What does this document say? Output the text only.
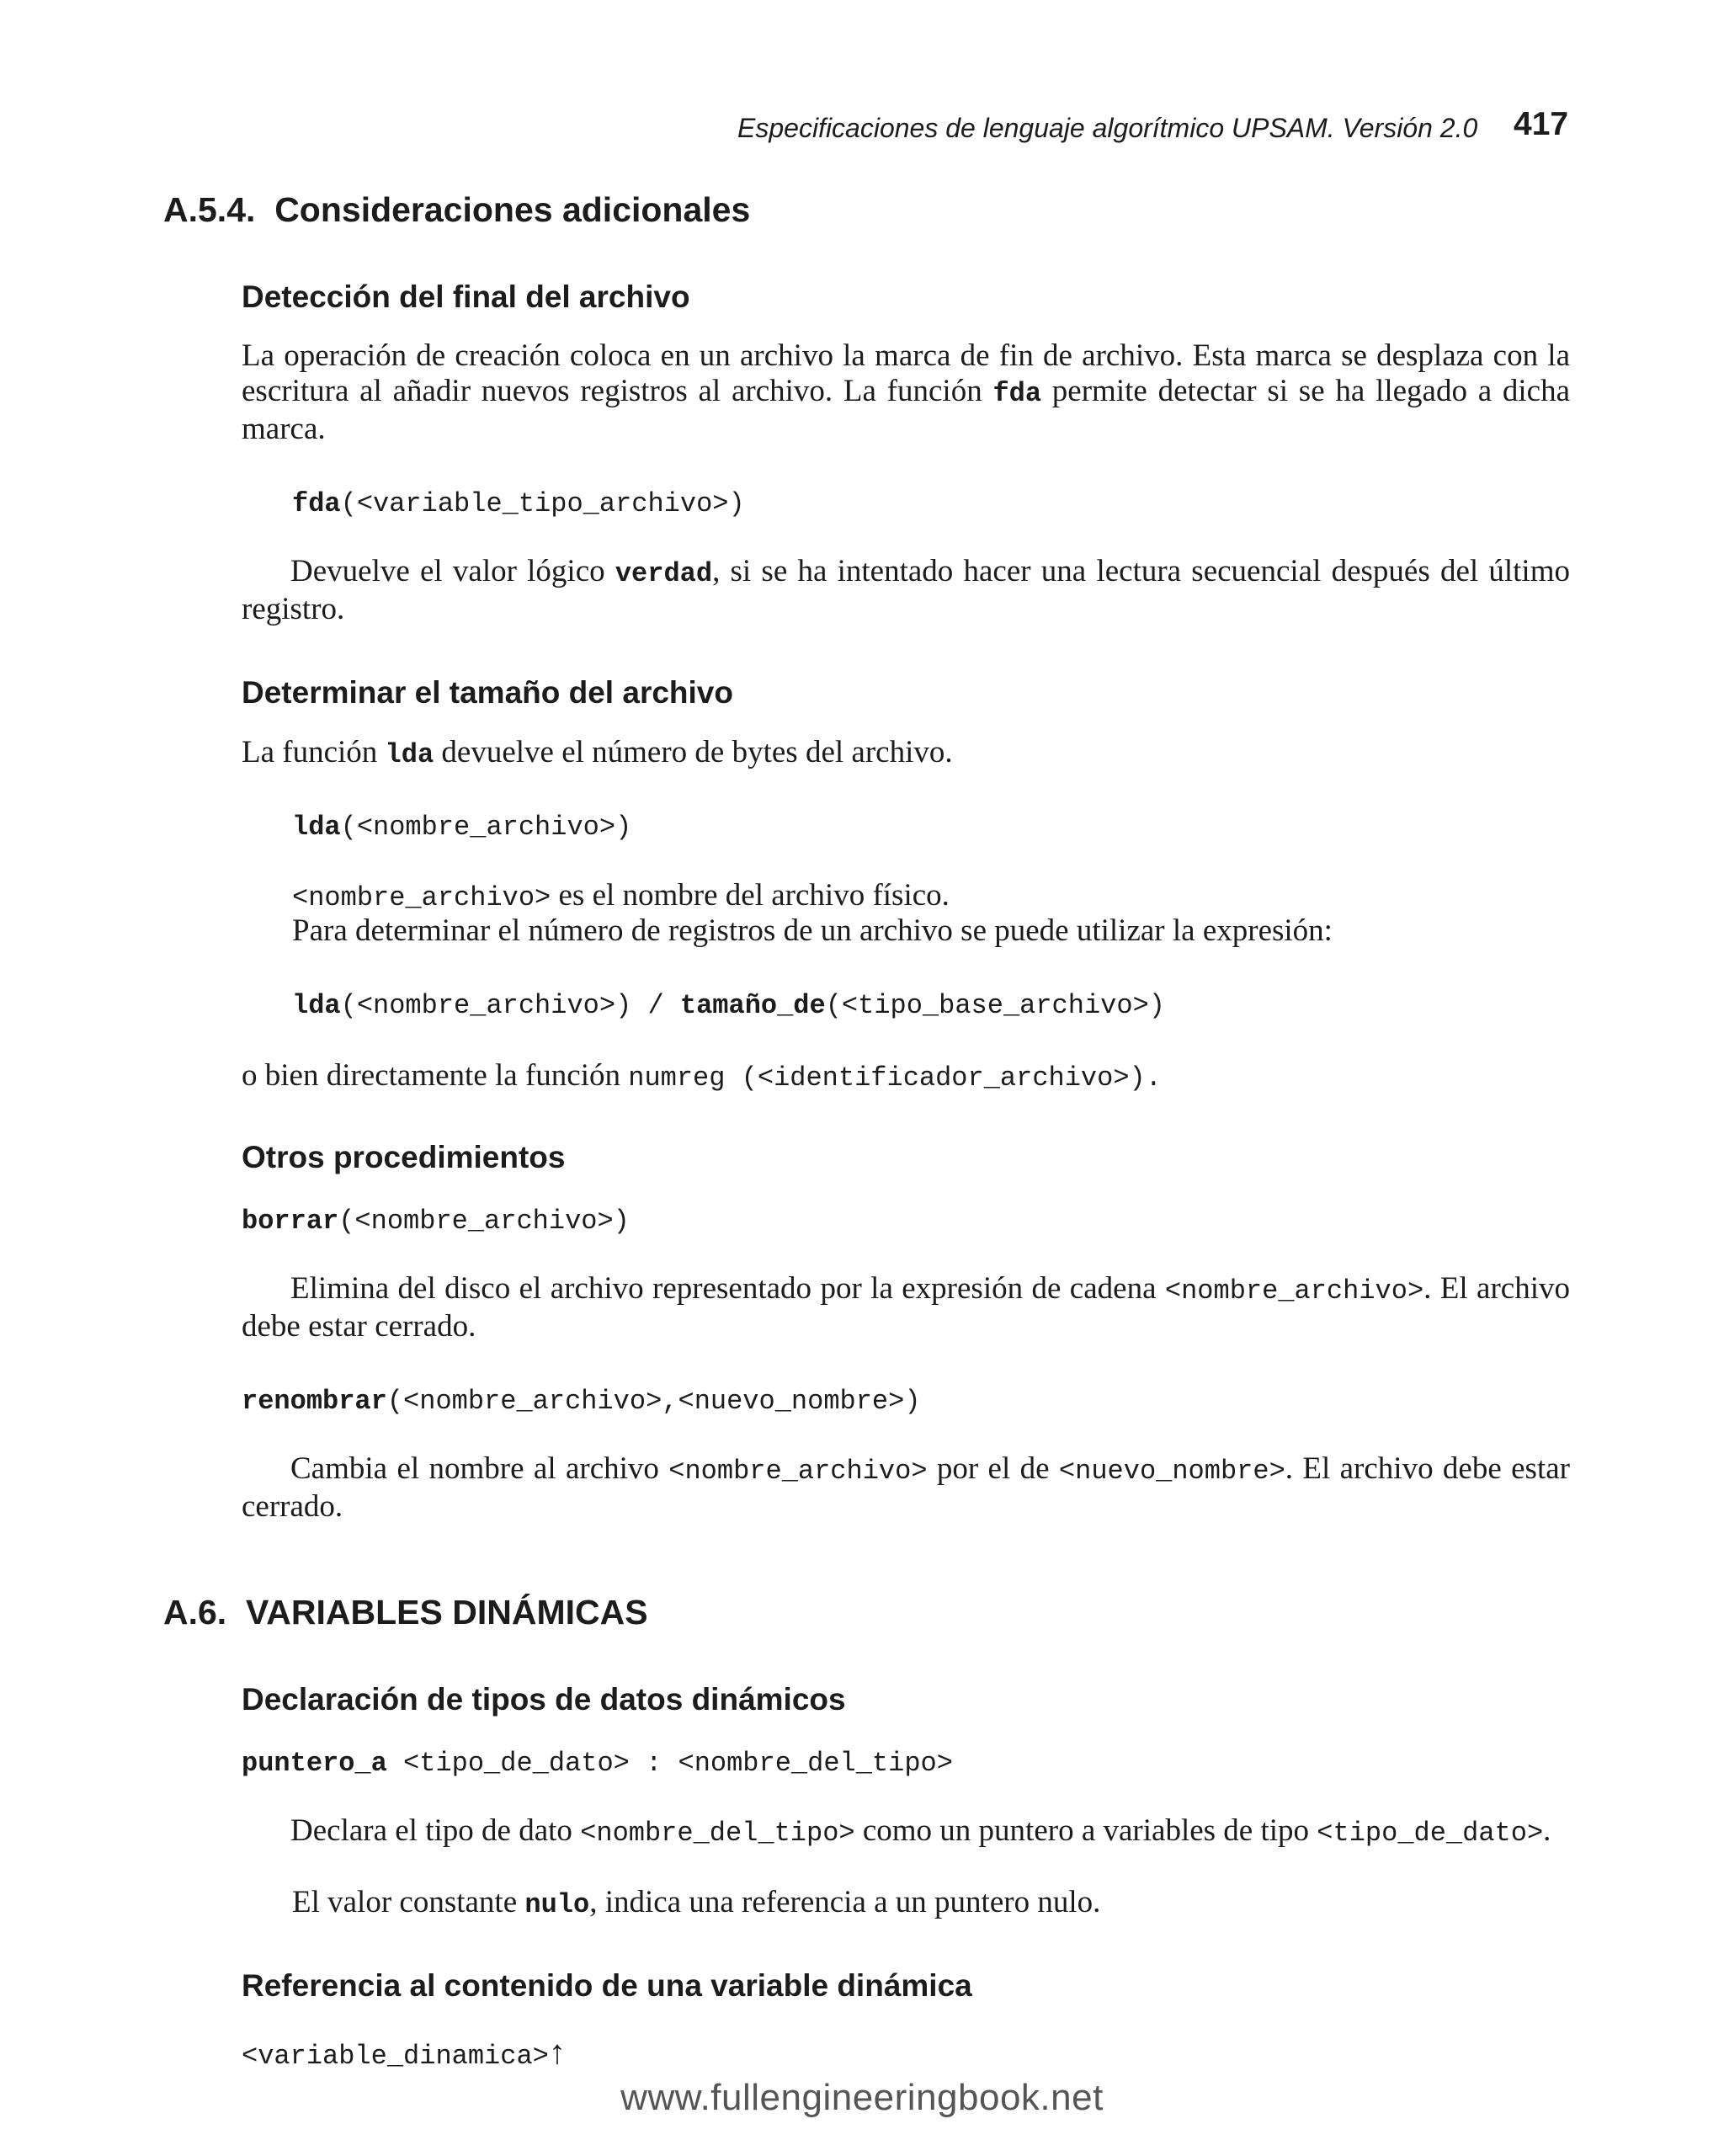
Especificaciones de lenguaje algorítmico UPSAM. Versión 2.0 417
A.5.4. Consideraciones adicionales
Detección del final del archivo
La operación de creación coloca en un archivo la marca de fin de archivo. Esta marca se desplaza con la escritura al añadir nuevos registros al archivo. La función fda permite detectar si se ha llegado a dicha marca.
fda(<variable_tipo_archivo>)
Devuelve el valor lógico verdad, si se ha intentado hacer una lectura secuencial después del último registro.
Determinar el tamaño del archivo
La función lda devuelve el número de bytes del archivo.
lda(<nombre_archivo>)
<nombre_archivo> es el nombre del archivo físico.
Para determinar el número de registros de un archivo se puede utilizar la expresión:
lda(<nombre_archivo>) / tamaño_de(<tipo_base_archivo>)
o bien directamente la función numreg (<identificador_archivo>).
Otros procedimientos
borrar(<nombre_archivo>)
Elimina del disco el archivo representado por la expresión de cadena <nombre_archivo>. El archivo debe estar cerrado.
renombrar(<nombre_archivo>,<nuevo_nombre>)
Cambia el nombre al archivo <nombre_archivo> por el de <nuevo_nombre>. El archivo debe estar cerrado.
A.6. VARIABLES DINÁMICAS
Declaración de tipos de datos dinámicos
puntero_a <tipo_de_dato> : <nombre_del_tipo>
Declara el tipo de dato <nombre_del_tipo> como un puntero a variables de tipo <tipo_de_dato>.
El valor constante nulo, indica una referencia a un puntero nulo.
Referencia al contenido de una variable dinámica
<variable_dinamica>↑
www.fullengineeringbook.net
